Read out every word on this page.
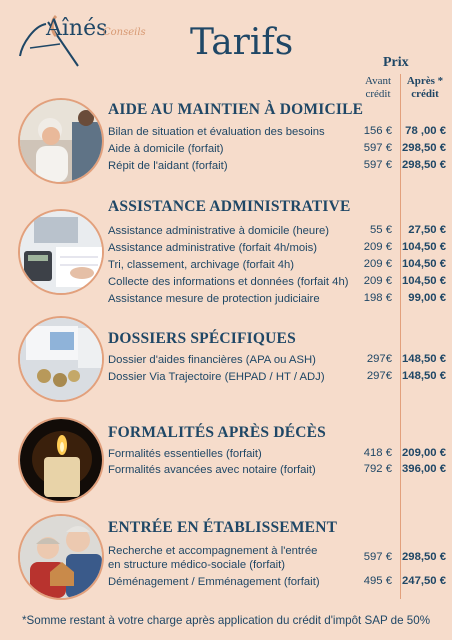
Aînés
Conseils Tarifs	Prix
Avant
crédit
Après *
crédit
AIDE AU MAINTIEN À DOMICILE
Bilan de situation et évaluation des besoins	156 € 78 ,00 €
Aide à domicile (forfait)	597 € 298,50 €
Répit de l'aidant (forfait)	597 € 298,50 €
ASSISTANCE ADMINISTRATIVE
Assistance administrative à domicile (heure)	55 €	27,50 €
Assistance administrative (forfait 4h/mois)	209 € 104,50 €
Tri, classement, archivage (forfait 4h)	209 € 104,50 €
Collecte des informations et données (forfait 4h)	209 € 104,50 €
Assistance mesure de protection judiciaire	198 €	99,00 €
DOSSIERS SPÉCIFIQUES
Dossier d'aides financières (APA ou ASH)	297€ 148,50 €
Dossier Via Trajectoire (EHPAD / HT / ADJ)	297€ 148,50 €
FORMALITÉS APRÈS DÉCÈS
Formalités essentielles (forfait)	418 € 209,00 €
Formalités avancées avec notaire (forfait)	792 € 396,00 €
ENTRÉE EN ÉTABLISSEMENT
Recherche et accompagnement à l'entrée
en structure médico-sociale (forfait)
597 € 298,50 €
Déménagement / Emménagement (forfait)	495 € 247,50 €
*Somme restant à votre charge après application du crédit d'impôt SAP de 50%
